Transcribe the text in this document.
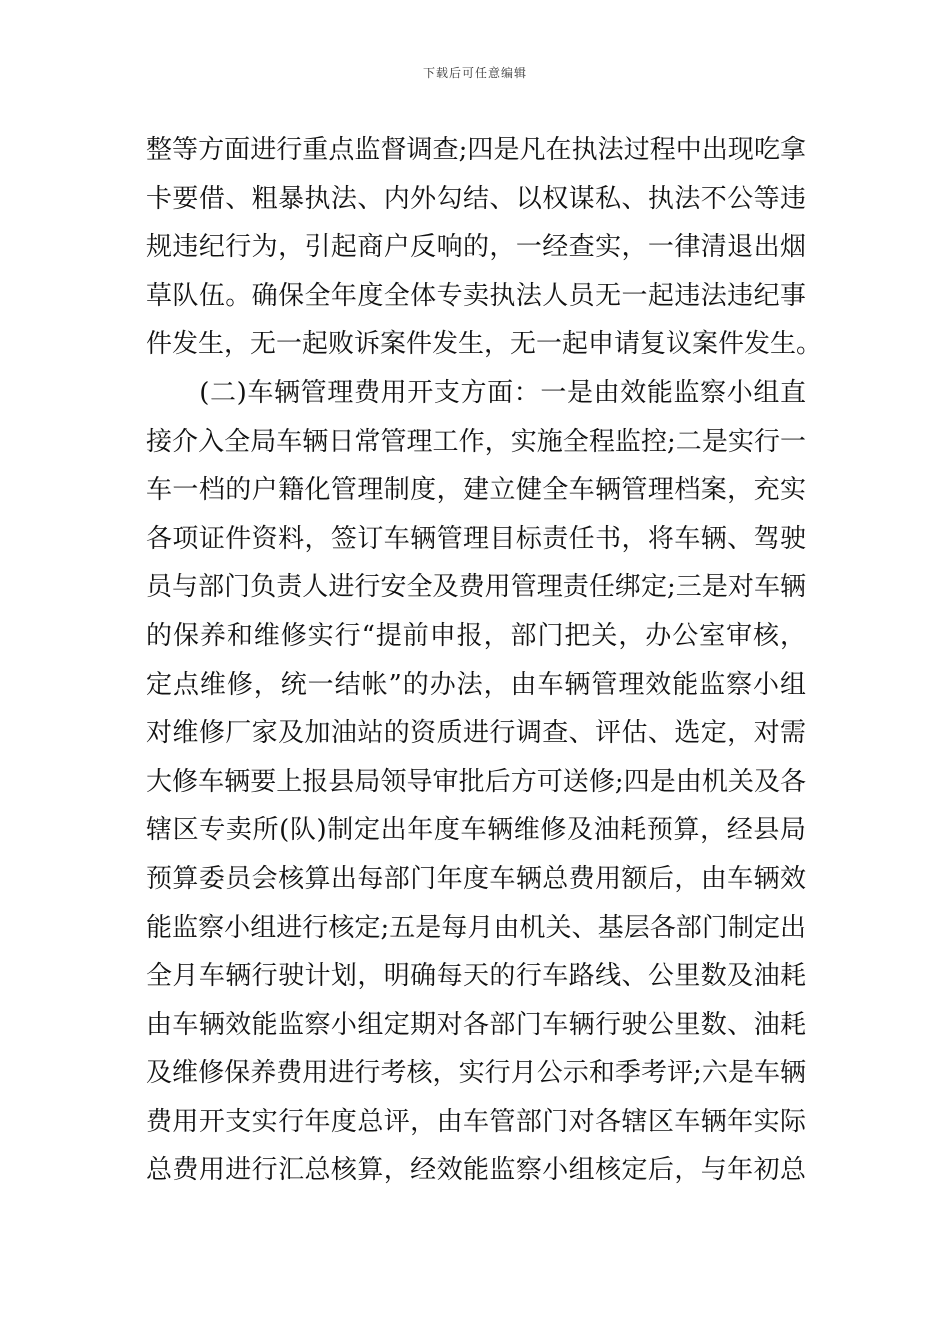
下载后可任意编辑
整等方面进行重点监督调查;四是凡在执法过程中出现吃拿
卡要借、粗暴执法、内外勾结、以权谋私、执法不公等违
规违纪行为，引起商户反响的，一经查实，一律清退出烟
草队伍。确保全年度全体专卖执法人员无一起违法违纪事
件发生，无一起败诉案件发生，无一起申请复议案件发生。
　　(二)车辆管理费用开支方面：一是由效能监察小组直
接介入全局车辆日常管理工作，实施全程监控;二是实行一
车一档的户籍化管理制度，建立健全车辆管理档案，充实
各项证件资料，签订车辆管理目标责任书，将车辆、驾驶
员与部门负责人进行安全及费用管理责任绑定;三是对车辆
的保养和维修实行“提前申报，部门把关，办公室审核，
定点维修，统一结帐”的办法，由车辆管理效能监察小组
对维修厂家及加油站的资质进行调查、评估、选定，对需
大修车辆要上报县局领导审批后方可送修;四是由机关及各
辖区专卖所(队)制定出年度车辆维修及油耗预算，经县局
预算委员会核算出每部门年度车辆总费用额后，由车辆效
能监察小组进行核定;五是每月由机关、基层各部门制定出
全月车辆行驶计划，明确每天的行车路线、公里数及油耗
由车辆效能监察小组定期对各部门车辆行驶公里数、油耗
及维修保养费用进行考核，实行月公示和季考评;六是车辆
费用开支实行年度总评，由车管部门对各辖区车辆年实际
总费用进行汇总核算，经效能监察小组核定后，与年初总
